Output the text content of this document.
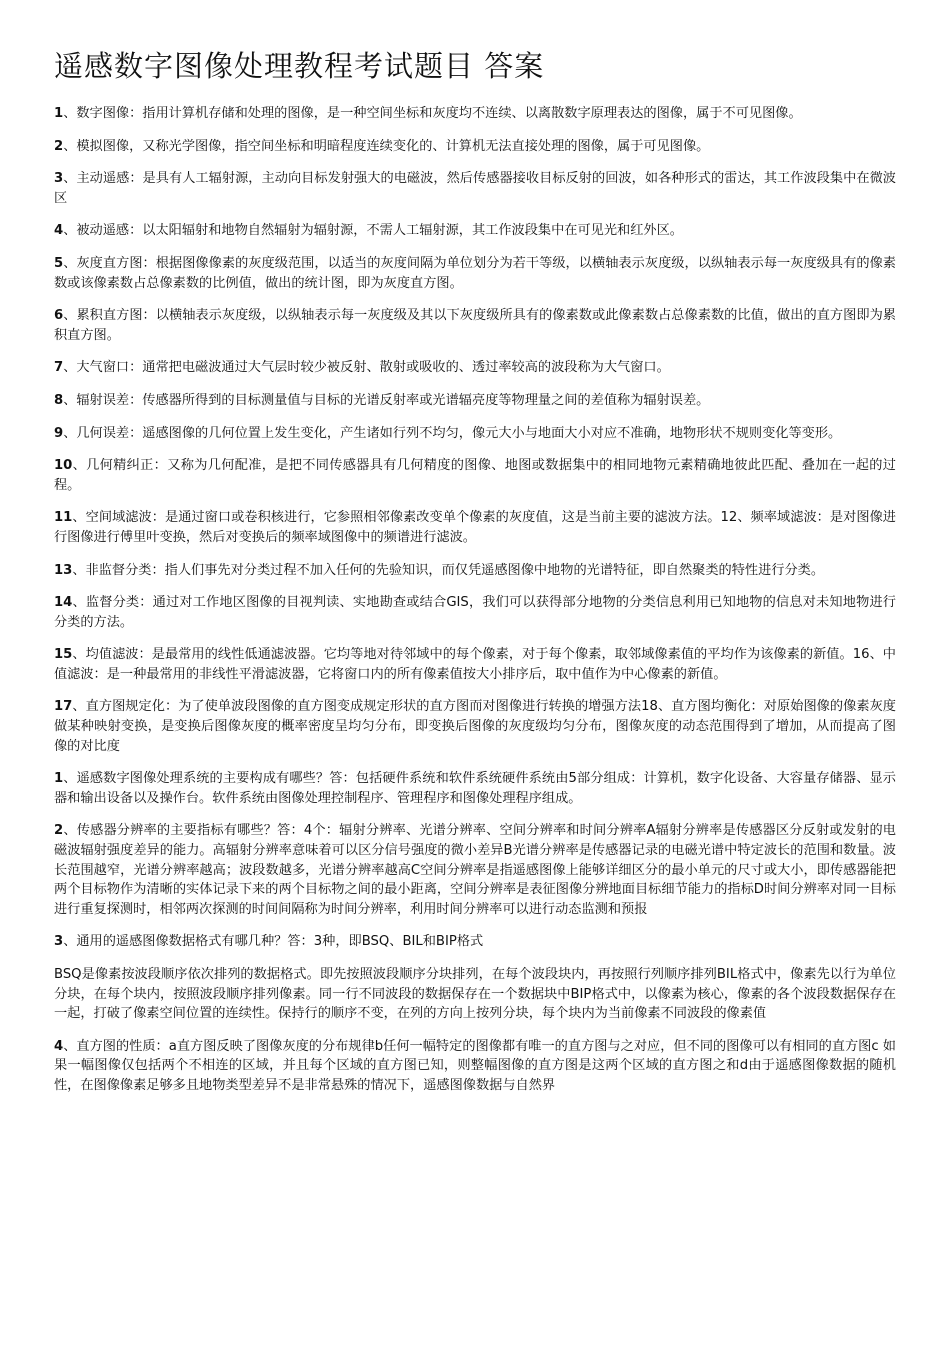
遥感数字图像处理教程考试题目 答案

1、数字图像：指用计算机存储和处理的图像，是一种空间坐标和灰度均不连续、以离散数字原理表达的图像，属于不可见图像。

2、模拟图像，又称光学图像，指空间坐标和明暗程度连续变化的、计算机无法直接处理的图像，属于可见图像。

3、主动遥感：是具有人工辐射源，主动向目标发射强大的电磁波，然后传感器接收目标反射的回波，如各种形式的雷达，其工作波段集中在微波区

4、被动遥感：以太阳辐射和地物自然辐射为辐射源，不需人工辐射源，其工作波段集中在可见光和红外区。

5、灰度直方图：根据图像像素的灰度级范围，以适当的灰度间隔为单位划分为若干等级，以横轴表示灰度级，以纵轴表示每一灰度级具有的像素数或该像素数占总像素数的比例值，做出的统计图，即为灰度直方图。

6、累积直方图：以横轴表示灰度级，以纵轴表示每一灰度级及其以下灰度级所具有的像素数或此像素数占总像素数的比值，做出的直方图即为累积直方图。

7、大气窗口：通常把电磁波通过大气层时较少被反射、散射或吸收的、透过率较高的波段称为大气窗口。

8、辐射误差：传感器所得到的目标测量值与目标的光谱反射率或光谱辐亮度等物理量之间的差值称为辐射误差。

9、几何误差：遥感图像的几何位置上发生变化，产生诸如行列不均匀，像元大小与地面大小对应不准确，地物形状不规则变化等变形。

10、几何精纠正：又称为几何配准，是把不同传感器具有几何精度的图像、地图或数据集中的相同地物元素精确地彼此匹配、叠加在一起的过程。

11、空间域滤波：是通过窗口或卷积核进行，它参照相邻像素改变单个像素的灰度值，这是当前主要的滤波方法。12、频率域滤波：是对图像进行图像进行傅里叶变换，然后对变换后的频率域图像中的频谱进行滤波。

13、非监督分类：指人们事先对分类过程不加入任何的先验知识，而仅凭遥感图像中地物的光谱特征，即自然聚类的特性进行分类。

14、监督分类：通过对工作地区图像的目视判读、实地勘查或结合GIS，我们可以获得部分地物的分类信息利用已知地物的信息对未知地物进行分类的方法。

15、均值滤波：是最常用的线性低通滤波器。它均等地对待邻域中的每个像素，对于每个像素，取邻域像素值的平均作为该像素的新值。16、中值滤波：是一种最常用的非线性平滑滤波器，它将窗口内的所有像素值按大小排序后，取中值作为中心像素的新值。

17、直方图规定化：为了使单波段图像的直方图变成规定形状的直方图而对图像进行转换的增强方法18、直方图均衡化：对原始图像的像素灰度做某种映射变换，是变换后图像灰度的概率密度呈均匀分布，即变换后图像的灰度级均匀分布，图像灰度的动态范围得到了增加，从而提高了图像的对比度

1、遥感数字图像处理系统的主要构成有哪些？答：包括硬件系统和软件系统硬件系统由5部分组成：计算机，数字化设备、大容量存储器、显示器和输出设备以及操作台。软件系统由图像处理控制程序、管理程序和图像处理程序组成。

2、传感器分辨率的主要指标有哪些？答：4个：辐射分辨率、光谱分辨率、空间分辨率和时间分辨率A辐射分辨率是传感器区分反射或发射的电磁波辐射强度差异的能力。高辐射分辨率意味着可以区分信号强度的微小差异B光谱分辨率是传感器记录的电磁光谱中特定波长的范围和数量。波长范围越窄，光谱分辨率越高；波段数越多，光谱分辨率越高C空间分辨率是指遥感图像上能够详细区分的最小单元的尺寸或大小，即传感器能把两个目标物作为清晰的实体记录下来的两个目标物之间的最小距离，空间分辨率是表征图像分辨地面目标细节能力的指标D时间分辨率对同一目标进行重复探测时，相邻两次探测的时间间隔称为时间分辨率，利用时间分辨率可以进行动态监测和预报

3、通用的遥感图像数据格式有哪几种？答：3种，即BSQ、BIL和BIP格式

BSQ是像素按波段顺序依次排列的数据格式。即先按照波段顺序分块排列，在每个波段块内，再按照行列顺序排列BIL格式中，像素先以行为单位分块，在每个块内，按照波段顺序排列像素。同一行不同波段的数据保存在一个数据块中BIP格式中，以像素为核心，像素的各个波段数据保存在一起，打破了像素空间位置的连续性。保持行的顺序不变，在列的方向上按列分块，每个块内为当前像素不同波段的像素值

4、直方图的性质：a直方图反映了图像灰度的分布规律b任何一幅特定的图像都有唯一的直方图与之对应，但不同的图像可以有相同的直方图c 如果一幅图像仅包括两个不相连的区域，并且每个区域的直方图已知，则整幅图像的直方图是这两个区域的直方图之和d由于遥感图像数据的随机性，在图像像素足够多且地物类型差异不是非常悬殊的情况下，遥感图像数据与自然界
